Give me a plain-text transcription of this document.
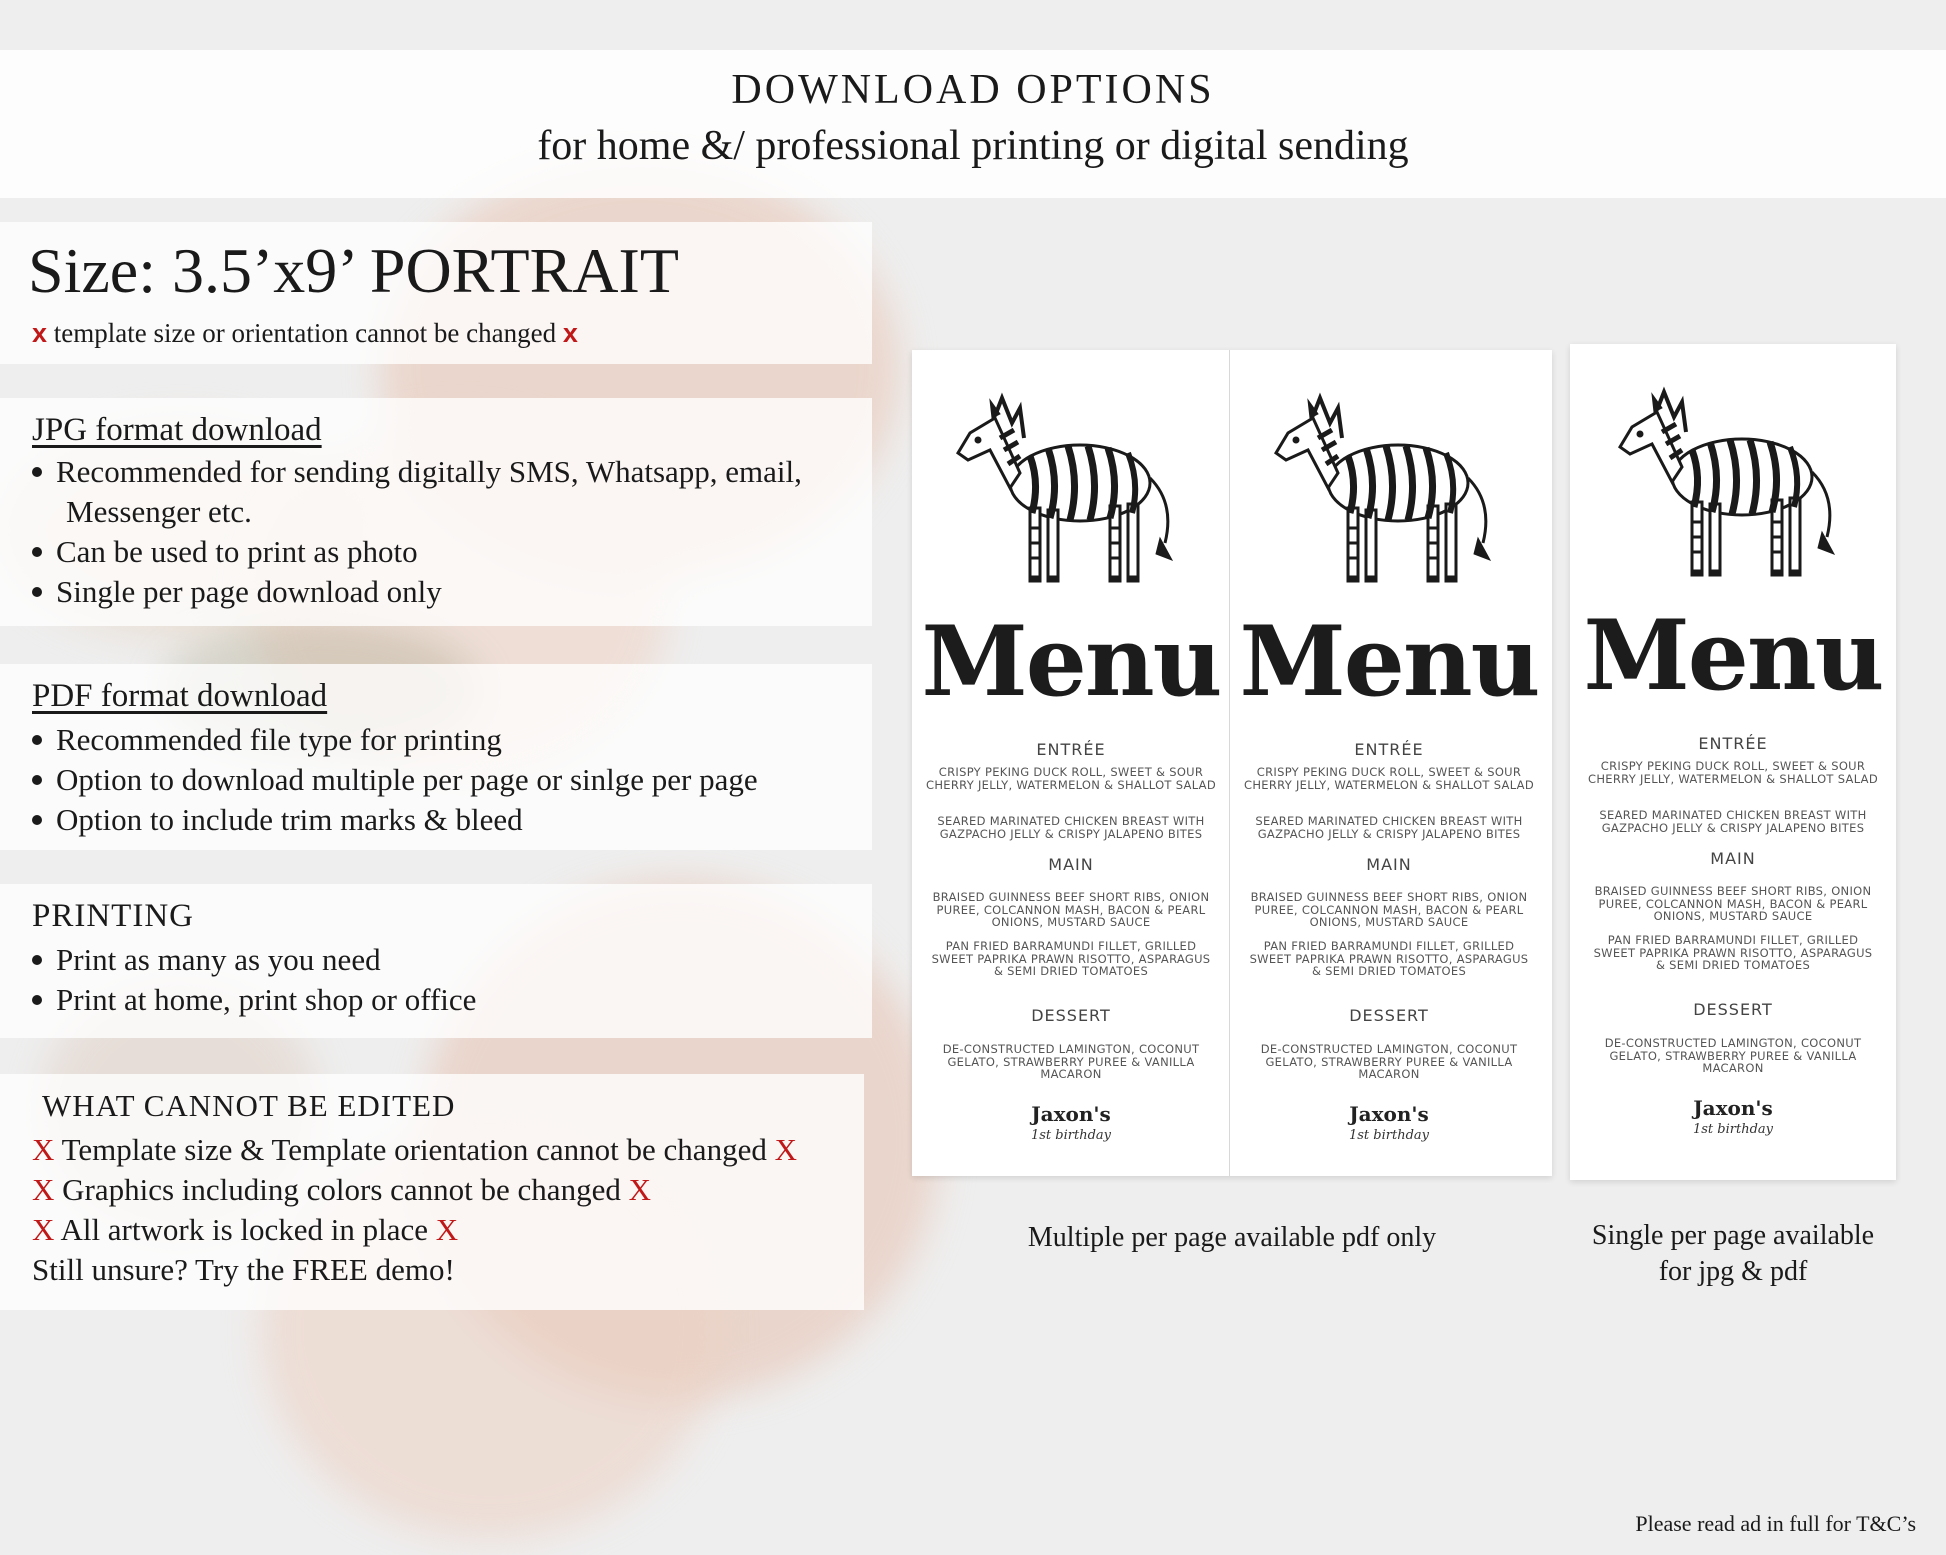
DOWNLOAD OPTIONS
for home &/ professional printing or digital sending
Size: 3.5’x9’ PORTRAIT
x template size or orientation cannot be changed x
JPG format download
Recommended for sending digitally SMS, Whatsapp, email,
Messenger etc.
Can be used to print as photo
Single per page download only
PDF format download
Recommended file type for printing
Option to download multiple per page or sinlge per page
Option to include trim marks & bleed
PRINTING
Print as many as you need
Print at home, print shop or office
WHAT CANNOT BE EDITED
X Template size & Template orientation cannot be changed X
X Graphics including colors cannot be changed X
X All artwork is locked in place X
Still unsure? Try the FREE demo!
Menu
ENTRÉE
CRISPY PEKING DUCK ROLL, SWEET & SOUR CHERRY JELLY, WATERMELON & SHALLOT SALAD
SEARED MARINATED CHICKEN BREAST WITH GAZPACHO JELLY & CRISPY JALAPENO BITES
MAIN
BRAISED GUINNESS BEEF SHORT RIBS, ONION PUREE, COLCANNON MASH, BACON & PEARL ONIONS, MUSTARD SAUCE
PAN FRIED BARRAMUNDI FILLET, GRILLED SWEET PAPRIKA PRAWN RISOTTO, ASPARAGUS & SEMI DRIED TOMATOES
DESSERT
DE-CONSTRUCTED LAMINGTON, COCONUT GELATO, STRAWBERRY PUREE & VANILLA MACARON
Jaxon's
1st birthday
Menu
ENTRÉE
CRISPY PEKING DUCK ROLL, SWEET & SOUR CHERRY JELLY, WATERMELON & SHALLOT SALAD
SEARED MARINATED CHICKEN BREAST WITH GAZPACHO JELLY & CRISPY JALAPENO BITES
MAIN
BRAISED GUINNESS BEEF SHORT RIBS, ONION PUREE, COLCANNON MASH, BACON & PEARL ONIONS, MUSTARD SAUCE
PAN FRIED BARRAMUNDI FILLET, GRILLED SWEET PAPRIKA PRAWN RISOTTO, ASPARAGUS & SEMI DRIED TOMATOES
DESSERT
DE-CONSTRUCTED LAMINGTON, COCONUT GELATO, STRAWBERRY PUREE & VANILLA MACARON
Jaxon's
1st birthday
Menu
ENTRÉE
CRISPY PEKING DUCK ROLL, SWEET & SOUR CHERRY JELLY, WATERMELON & SHALLOT SALAD
SEARED MARINATED CHICKEN BREAST WITH GAZPACHO JELLY & CRISPY JALAPENO BITES
MAIN
BRAISED GUINNESS BEEF SHORT RIBS, ONION PUREE, COLCANNON MASH, BACON & PEARL ONIONS, MUSTARD SAUCE
PAN FRIED BARRAMUNDI FILLET, GRILLED SWEET PAPRIKA PRAWN RISOTTO, ASPARAGUS & SEMI DRIED TOMATOES
DESSERT
DE-CONSTRUCTED LAMINGTON, COCONUT GELATO, STRAWBERRY PUREE & VANILLA MACARON
Jaxon's
1st birthday
Multiple per page available pdf only	Single per page available
for jpg & pdf
Please read ad in full for T&C’s
